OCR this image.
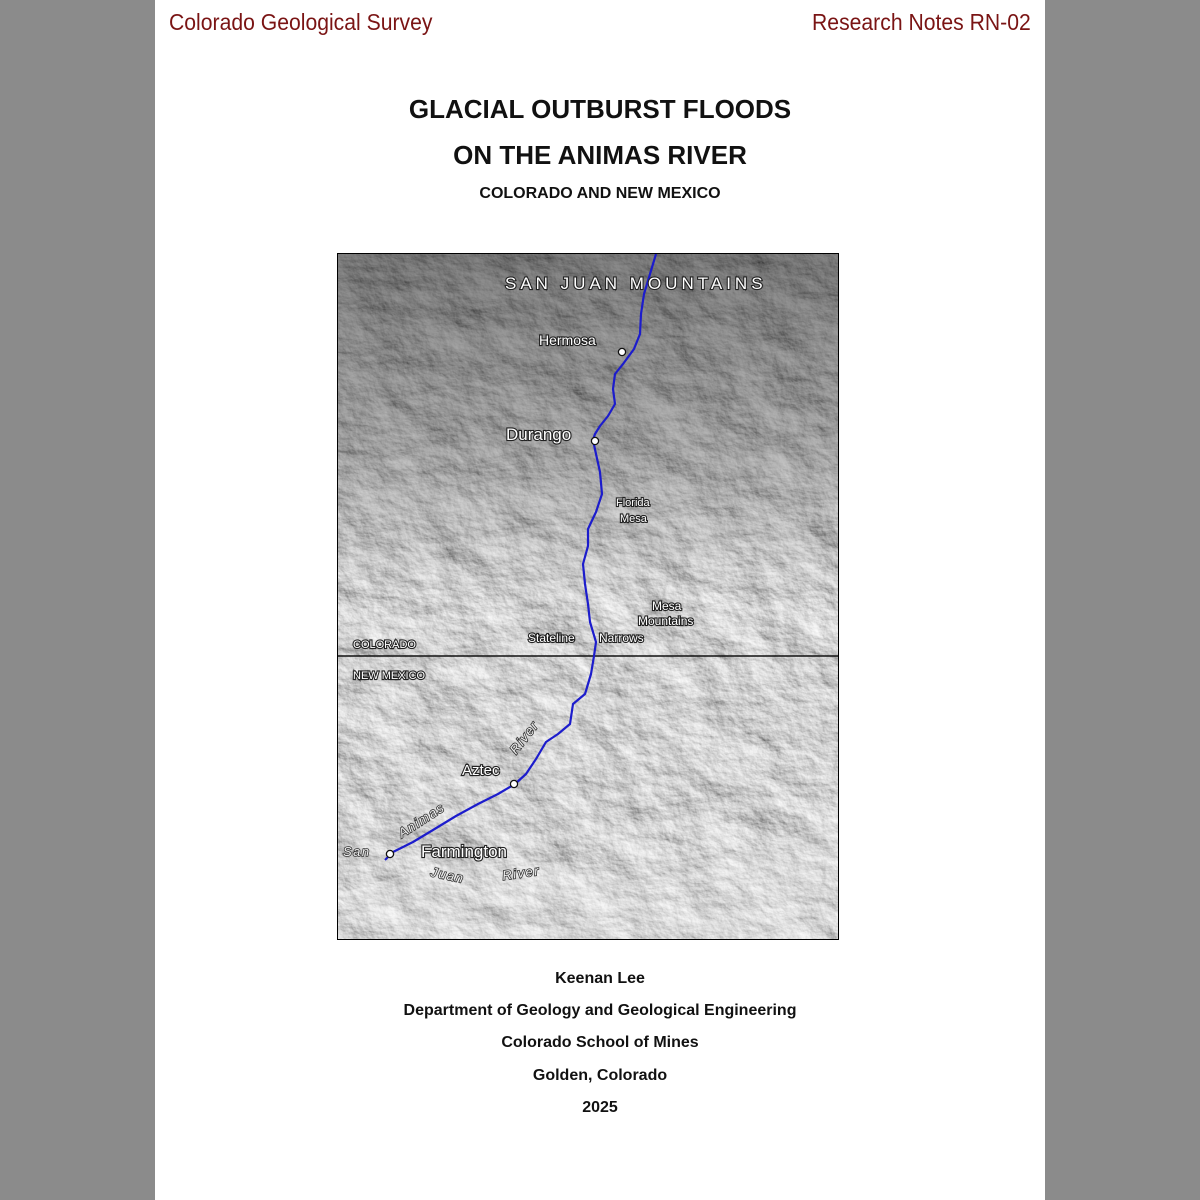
Colorado Geological Survey	Research Notes RN-02
GLACIAL OUTBURST FLOODS
ON THE ANIMAS RIVER
COLORADO AND NEW MEXICO
SAN JUAN MOUNTAINS
Hermosa
Durango
Aztec
Farmington
Florida
Mesa
Mesa
Mountains
Stateline Narrows
COLORADO
NEW MEXICO
Animas
River
San
Juan	River
Keenan Lee
Department of Geology and Geological Engineering
Colorado School of Mines
Golden, Colorado
2025
